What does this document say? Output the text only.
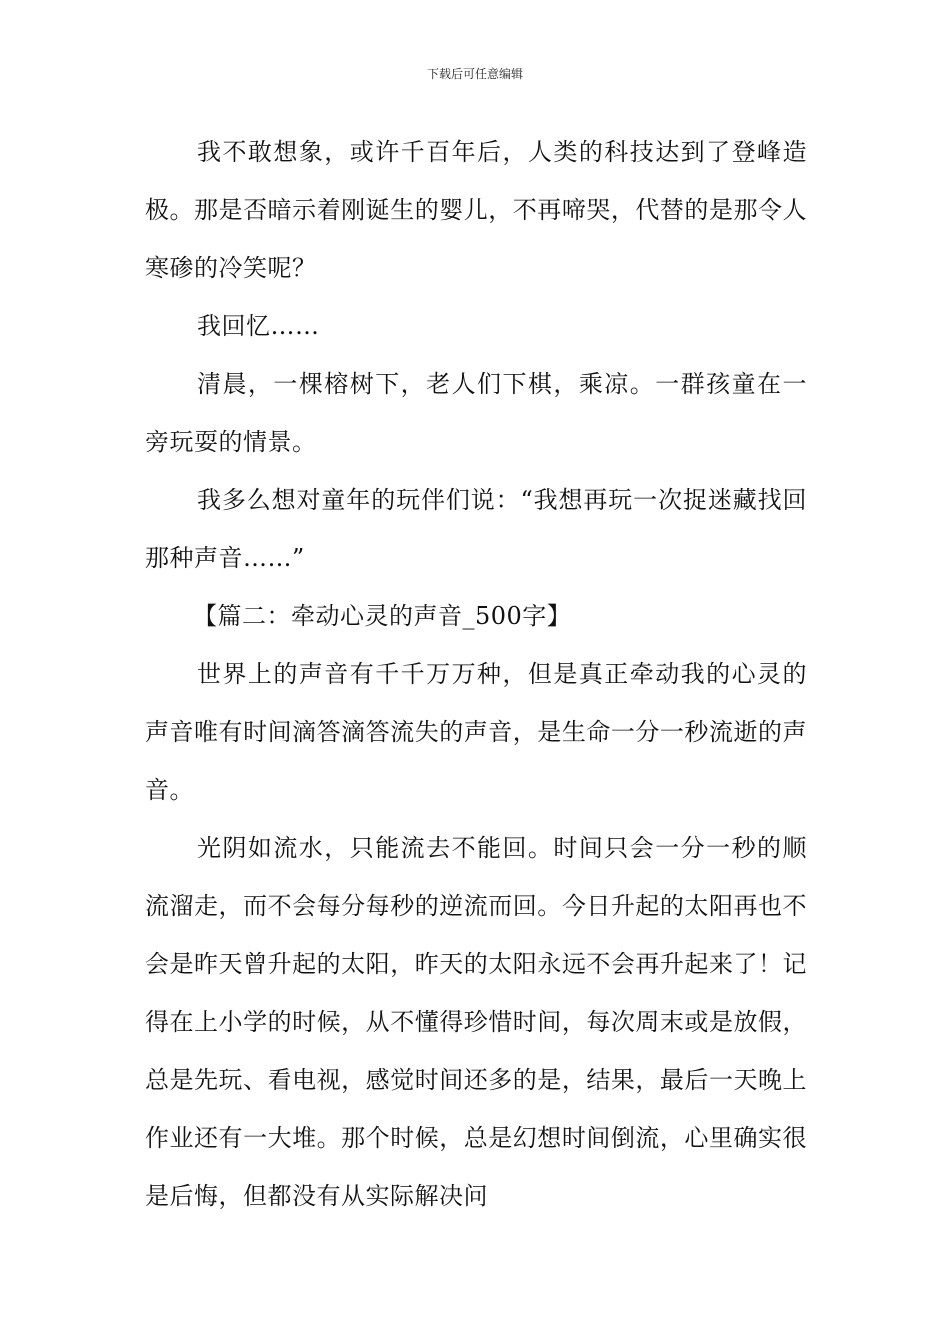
下载后可任意编辑

我不敢想象，或许千百年后，人类的科技达到了登峰造极。那是否暗示着刚诞生的婴儿，不再啼哭，代替的是那令人寒碜的冷笑呢？

我回忆……

清晨，一棵榕树下，老人们下棋，乘凉。一群孩童在一旁玩耍的情景。

我多么想对童年的玩伴们说：“我想再玩一次捉迷藏找回那种声音……”

【篇二：牵动心灵的声音_500字】

世界上的声音有千千万万种，但是真正牵动我的心灵的声音唯有时间滴答滴答流失的声音，是生命一分一秒流逝的声音。

光阴如流水，只能流去不能回。时间只会一分一秒的顺流溜走，而不会每分每秒的逆流而回。今日升起的太阳再也不会是昨天曾升起的太阳，昨天的太阳永远不会再升起来了！记得在上小学的时候，从不懂得珍惜时间，每次周末或是放假，总是先玩、看电视，感觉时间还多的是，结果，最后一天晚上作业还有一大堆。那个时候，总是幻想时间倒流，心里确实很是后悔，但都没有从实际解决问
